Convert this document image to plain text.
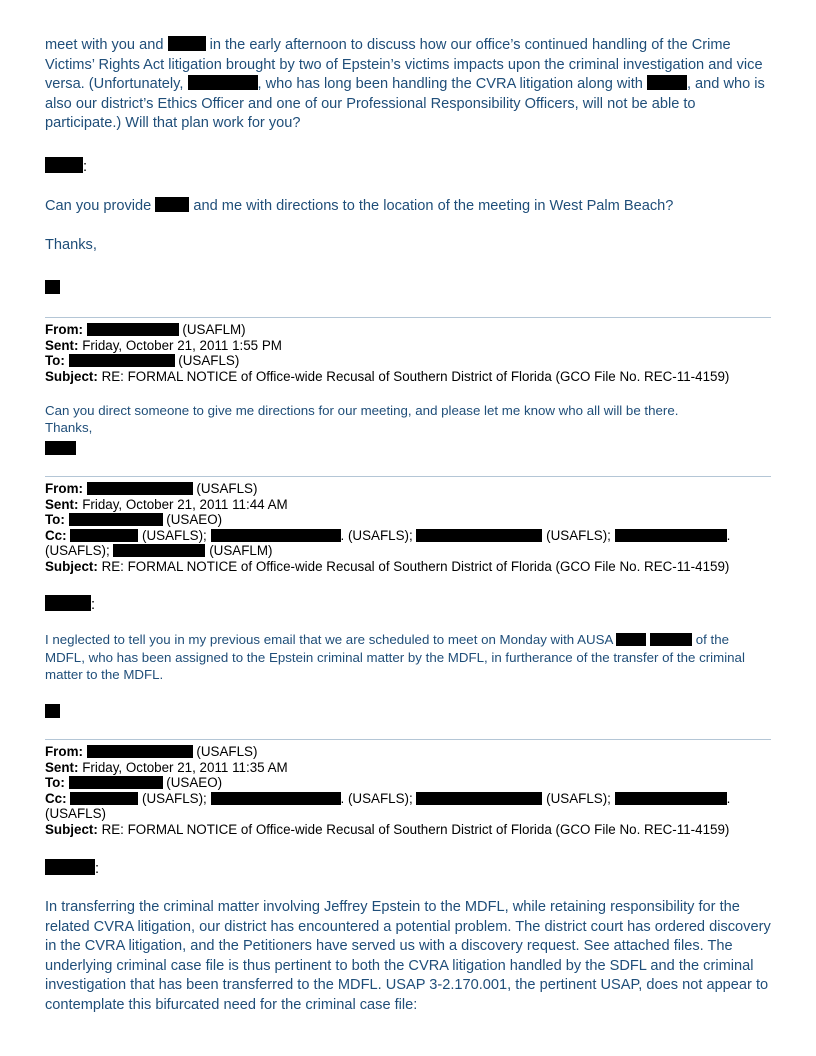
meet with you and	in the early afternoon to discuss how our office’s continued handling of the Crime Victims’ Rights Act litigation brought by two of Epstein’s victims impacts upon the criminal investigation and vice versa. (Unfortunately,	, who has long been handling the CVRA litigation along with	, and who is also our district’s Ethics Officer and one of our Professional Responsibility Officers, will not be able to participate.) Will that plan work for you?
:
Can you provide	and me with directions to the location of the meeting in West Palm Beach?
Thanks,
From:	(USAFLM)
Sent: Friday, October 21, 2011 1:55 PM
To:	(USAFLS)
Subject: RE: FORMAL NOTICE of Office-wide Recusal of Southern District of Florida (GCO File No. REC-11-4159)
Can you direct someone to give me directions for our meeting, and please let me know who all will be there.
Thanks,
From:	(USAFLS)
Sent: Friday, October 21, 2011 11:44 AM
To:	(USAEO)
Cc:	(USAFLS);	. (USAFLS);	(USAFLS);	.
(USAFLS);	(USAFLM)
Subject: RE: FORMAL NOTICE of Office-wide Recusal of Southern District of Florida (GCO File No. REC-11-4159)
:
I neglected to tell you in my previous email that we are scheduled to meet on Monday with AUSA	of the MDFL, who has been assigned to the Epstein criminal matter by the MDFL, in furtherance of the transfer of the criminal matter to the MDFL.
From:	(USAFLS)
Sent: Friday, October 21, 2011 11:35 AM
To:	(USAEO)
Cc:	(USAFLS);	. (USAFLS);	(USAFLS);	.
(USAFLS)
Subject: RE: FORMAL NOTICE of Office-wide Recusal of Southern District of Florida (GCO File No. REC-11-4159)
:
In transferring the criminal matter involving Jeffrey Epstein to the MDFL, while retaining responsibility for the related CVRA litigation, our district has encountered a potential problem. The district court has ordered discovery in the CVRA litigation, and the Petitioners have served us with a discovery request. See attached files. The underlying criminal case file is thus pertinent to both the CVRA litigation handled by the SDFL and the criminal investigation that has been transferred to the MDFL. USAP 3-2.170.001, the pertinent USAP, does not appear to contemplate this bifurcated need for the criminal case file:
